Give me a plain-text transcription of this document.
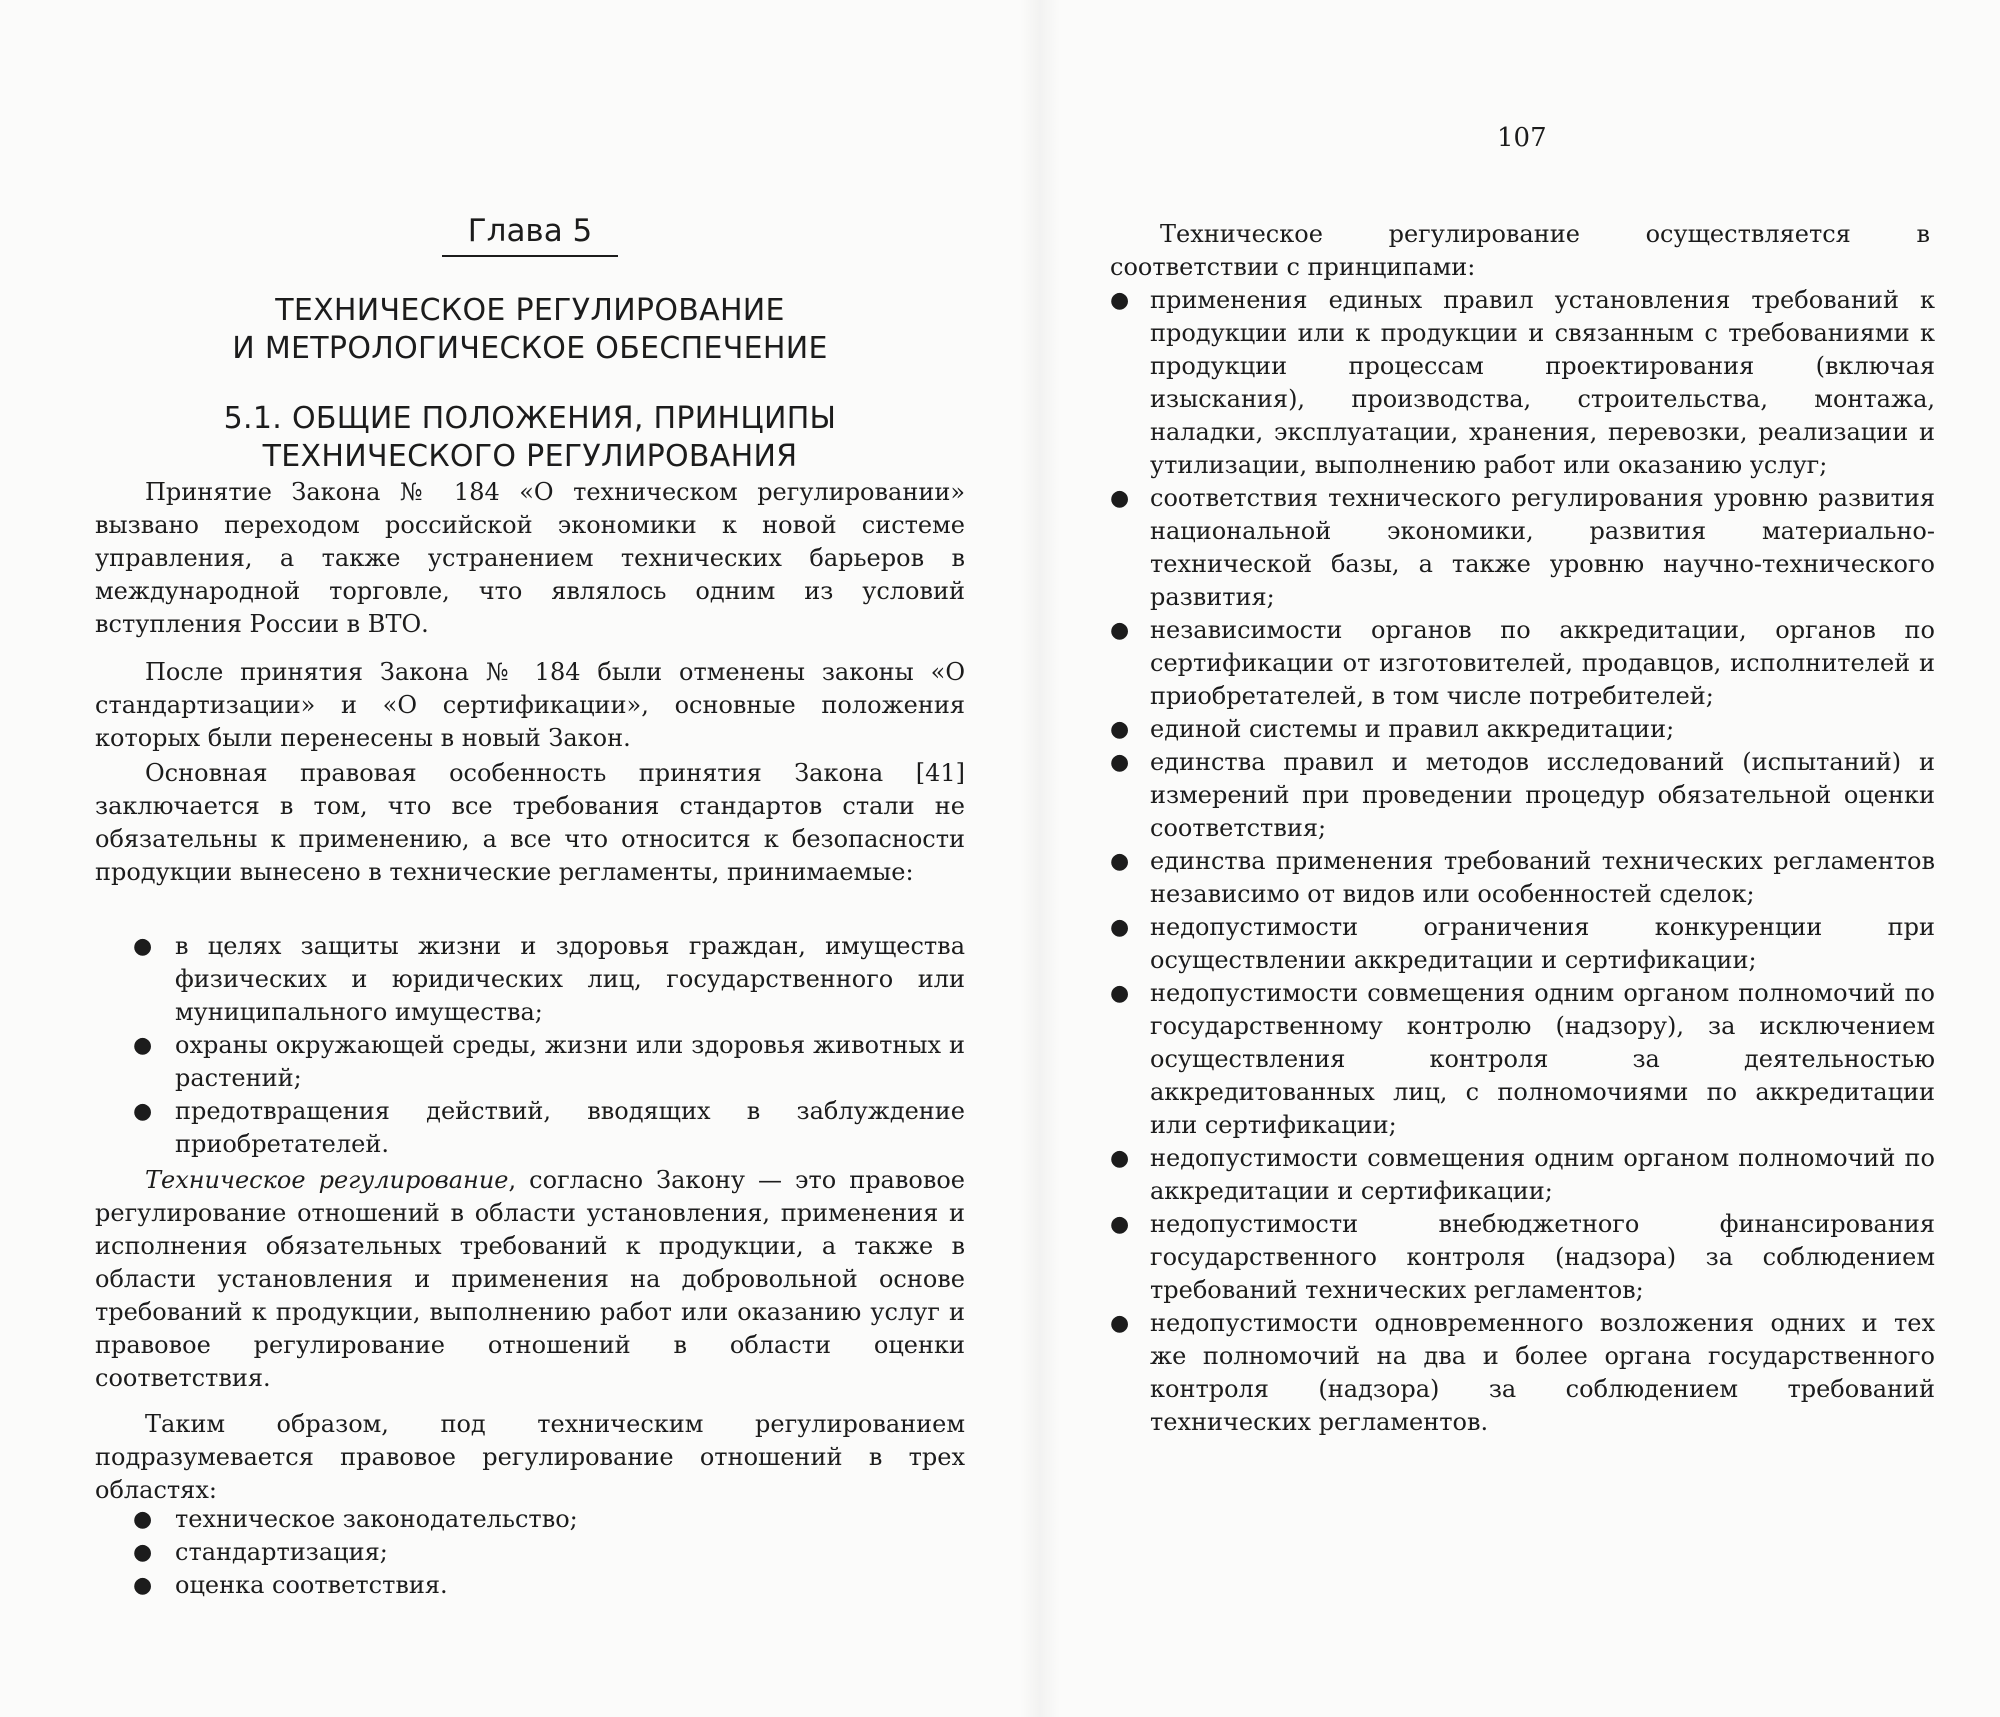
107
Глава 5
ТЕХНИЧЕСКОЕ РЕГУЛИРОВАНИЕ
И МЕТРОЛОГИЧЕСКОЕ ОБЕСПЕЧЕНИЕ
5.1. ОБЩИЕ ПОЛОЖЕНИЯ, ПРИНЦИПЫ
ТЕХНИЧЕСКОГО РЕГУЛИРОВАНИЯ

Принятие Закона № 184 «О техническом регулировании» вызвано переходом российской экономики к новой системе управления, а также устранением технических барьеров в международной торговле, что являлось одним из условий вступления России в ВТО.

После принятия Закона № 184 были отменены законы «О стандартизации» и «О сертификации», основные положения которых были перенесены в новый Закон.

Основная правовая особенность принятия Закона [41] заключается в том, что все требования стандартов стали не обязательны к применению, а все что относится к безопасности продукции вынесено в технические регламенты, принимаемые:

● в целях защиты жизни и здоровья граждан, имущества физических и юридических лиц, государственного или муниципального имущества;
● охраны окружающей среды, жизни или здоровья животных и растений;
● предотвращения действий, вводящих в заблуждение приобретателей.

Техническое регулирование, согласно Закону — это правовое регулирование отношений в области установления, применения и исполнения обязательных требований к продукции, а также в области установления и применения на добровольной основе требований к продукции, выполнению работ или оказанию услуг и правовое регулирование отношений в области оценки соответствия.

Таким образом, под техническим регулированием подразумевается правовое регулирование отношений в трех областях:

● техническое законодательство;
● стандартизация;
● оценка соответствия.

Техническое регулирование осуществляется в соответствии с принципами:

● применения единых правил установления требований к продукции или к продукции и связанным с требованиями к продукции процессам проектирования (включая изыскания), производства, строительства, монтажа, наладки, эксплуатации, хранения, перевозки, реализации и утилизации, выполнению работ или оказанию услуг;
● соответствия технического регулирования уровню развития национальной экономики, развития материально-технической базы, а также уровню научно-технического развития;
● независимости органов по аккредитации, органов по сертификации от изготовителей, продавцов, исполнителей и приобретателей, в том числе потребителей;
● единой системы и правил аккредитации;
● единства правил и методов исследований (испытаний) и измерений при проведении процедур обязательной оценки соответствия;
● единства применения требований технических регламентов независимо от видов или особенностей сделок;
● недопустимости ограничения конкуренции при осуществлении аккредитации и сертификации;
● недопустимости совмещения одним органом полномочий по государственному контролю (надзору), за исключением осуществления контроля за деятельностью аккредитованных лиц, с полномочиями по аккредитации или сертификации;
● недопустимости совмещения одним органом полномочий по аккредитации и сертификации;
● недопустимости внебюджетного финансирования государственного контроля (надзора) за соблюдением требований технических регламентов;
● недопустимости одновременного возложения одних и тех же полномочий на два и более органа государственного контроля (надзора) за соблюдением требований технических регламентов.
